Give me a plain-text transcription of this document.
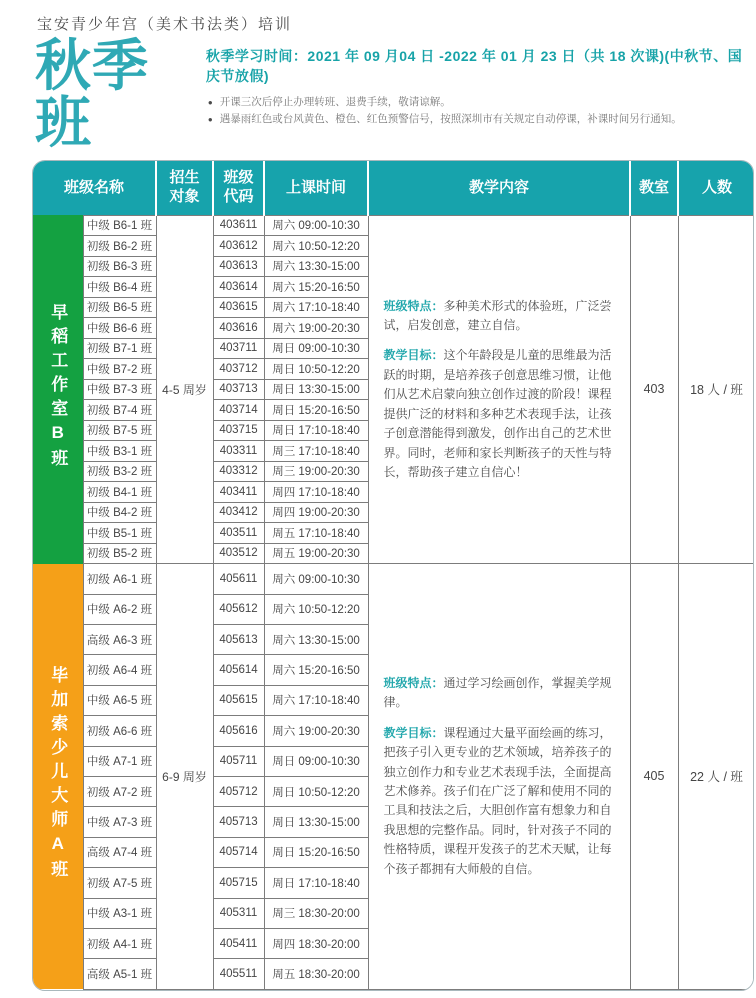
宝安青少年宫（美术书法类）培训
秋季班
秋季学习时间：2021 年 09 月04 日 -2022 年 01 月 23 日（共 18 次课)(中秋节、国庆节放假)
● 开课三次后停止办理转班、退费手续，敬请谅解。
● 遇暴雨红色或台风黄色、橙色、红色预警信号，按照深圳市有关规定自动停课，补课时间另行通知。
班级名称		招生对象	班级代码	上课时间	教学内容	教室	人数
早稻工作室B班	中级 B6-1 班	4-5 周岁	403611	周六 09:00-10:30	班级特点：多种美术形式的体验班，广泛尝试，启发创意，建立自信。

教学目标：这个年龄段是儿童的思维最为活跃的时期，是培养孩子创意思维习惯，让他们从艺术启蒙向独立创作过渡的阶段！课程提供广泛的材料和多种艺术表现手法，让孩子创意潜能得到激发，创作出自己的艺术世界。同时，老师和家长判断孩子的天性与特长，帮助孩子建立自信心！	403	18 人 / 班
	初级 B6-2 班		403612	周六 10:50-12:20			
	初级 B6-3 班		403613	周六 13:30-15:00			
	中级 B6-4 班		403614	周六 15:20-16:50			
	初级 B6-5 班		403615	周六 17:10-18:40			
	中级 B6-6 班		403616	周六 19:00-20:30			
	初级 B7-1 班		403711	周日 09:00-10:30			
	中级 B7-2 班		403712	周日 10:50-12:20			
	中级 B7-3 班		403713	周日 13:30-15:00			
	初级 B7-4 班		403714	周日 15:20-16:50			
	初级 B7-5 班		403715	周日 17:10-18:40			
	中级 B3-1 班		403311	周三 17:10-18:40			
	初级 B3-2 班		403312	周三 19:00-20:30			
	初级 B4-1 班		403411	周四 17:10-18:40			
	中级 B4-2 班		403412	周四 19:00-20:30			
	中级 B5-1 班		403511	周五 17:10-18:40			
	初级 B5-2 班		403512	周五 19:00-20:30			
毕加索少儿大师A班	初级 A6-1 班	6-9 周岁	405611	周六 09:00-10:30	班级特点：通过学习绘画创作，掌握美学规律。

教学目标：课程通过大量平面绘画的练习，把孩子引入更专业的艺术领域，培养孩子的独立创作力和专业艺术表现手法，全面提高艺术修养。孩子们在广泛了解和使用不同的工具和技法之后，大胆创作富有想象力和自我思想的完整作品。同时，针对孩子不同的性格特质，课程开发孩子的艺术天赋，让每个孩子都拥有大师般的自信。	405	22 人 / 班
	中级 A6-2 班		405612	周六 10:50-12:20			
	高级 A6-3 班		405613	周六 13:30-15:00			
	初级 A6-4 班		405614	周六 15:20-16:50			
	中级 A6-5 班		405615	周六 17:10-18:40			
	初级 A6-6 班		405616	周六 19:00-20:30			
	中级 A7-1 班		405711	周日 09:00-10:30			
	初级 A7-2 班		405712	周日 10:50-12:20			
	中级 A7-3 班		405713	周日 13:30-15:00			
	高级 A7-4 班		405714	周日 15:20-16:50			
	初级 A7-5 班		405715	周日 17:10-18:40			
	中级 A3-1 班		405311	周三 18:30-20:00			
	初级 A4-1 班		405411	周四 18:30-20:00			
	高级 A5-1 班		405511	周五 18:30-20:00			
